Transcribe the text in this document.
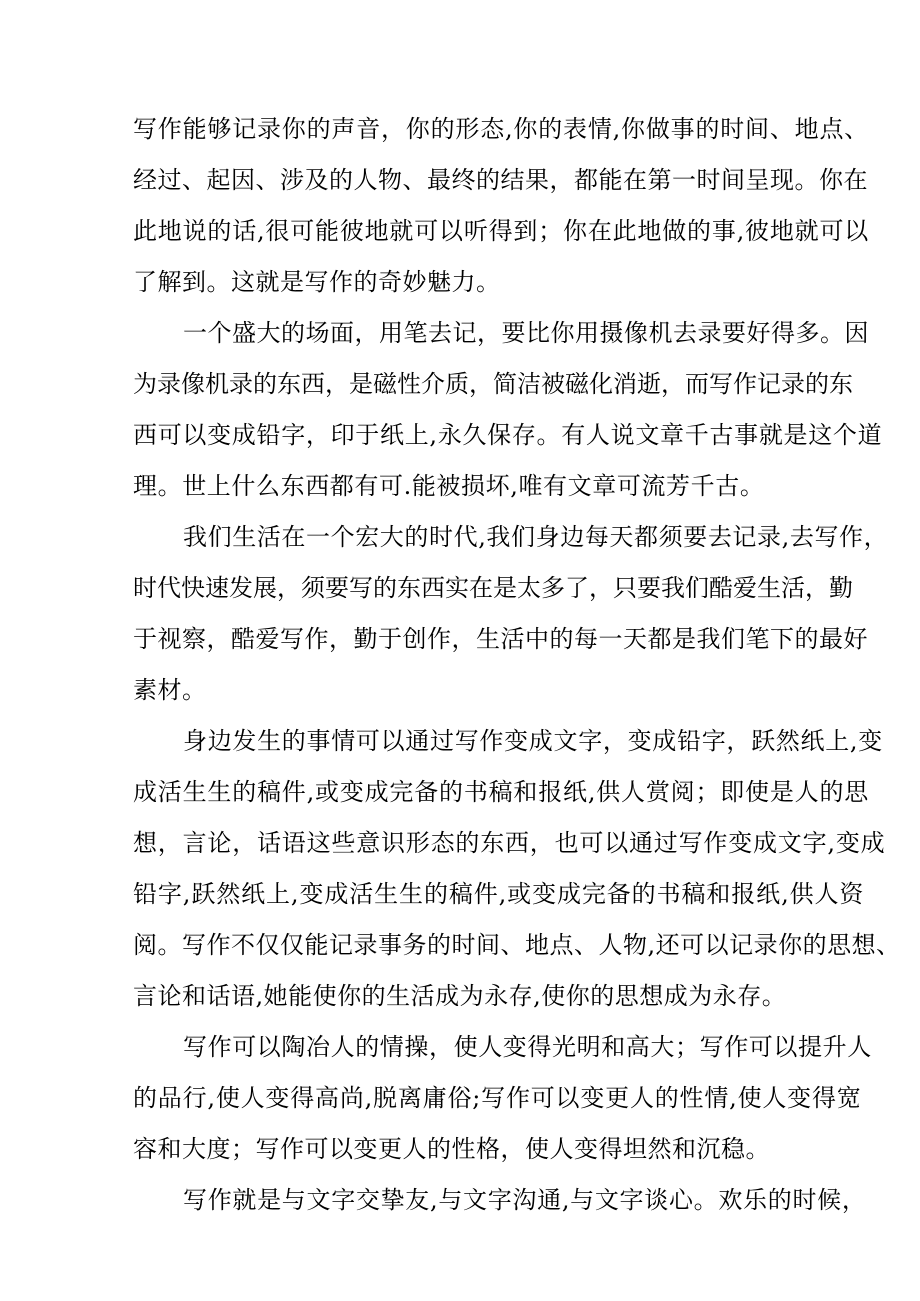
写作能够记录你的声音，你的形态,你的表情,你做事的时间、地点、
经过、起因、涉及的人物、最终的结果，都能在第一时间呈现。你在
此地说的话,很可能彼地就可以听得到；你在此地做的事,彼地就可以
了解到。这就是写作的奇妙魅力。
一个盛大的场面，用笔去记，要比你用摄像机去录要好得多。因
为录像机录的东西，是磁性介质，简洁被磁化消逝，而写作记录的东
西可以变成铅字，印于纸上,永久保存。有人说文章千古事就是这个道
理。世上什么东西都有可.能被损坏,唯有文章可流芳千古。
我们生活在一个宏大的时代,我们身边每天都须要去记录,去写作，
时代快速发展，须要写的东西实在是太多了，只要我们酷爱生活，勤
于视察，酷爱写作，勤于创作，生活中的每一天都是我们笔下的最好
素材。
身边发生的事情可以通过写作变成文字，变成铅字，跃然纸上,变
成活生生的稿件,或变成完备的书稿和报纸,供人赏阅；即使是人的思
想，言论，话语这些意识形态的东西，也可以通过写作变成文字,变成
铅字,跃然纸上,变成活生生的稿件,或变成完备的书稿和报纸,供人资
阅。写作不仅仅能记录事务的时间、地点、人物,还可以记录你的思想、
言论和话语,她能使你的生活成为永存,使你的思想成为永存。
写作可以陶冶人的情操，使人变得光明和高大；写作可以提升人
的品行,使人变得高尚,脱离庸俗;写作可以变更人的性情,使人变得宽
容和大度；写作可以变更人的性格，使人变得坦然和沉稳。
写作就是与文字交挚友,与文字沟通,与文字谈心。欢乐的时候，
